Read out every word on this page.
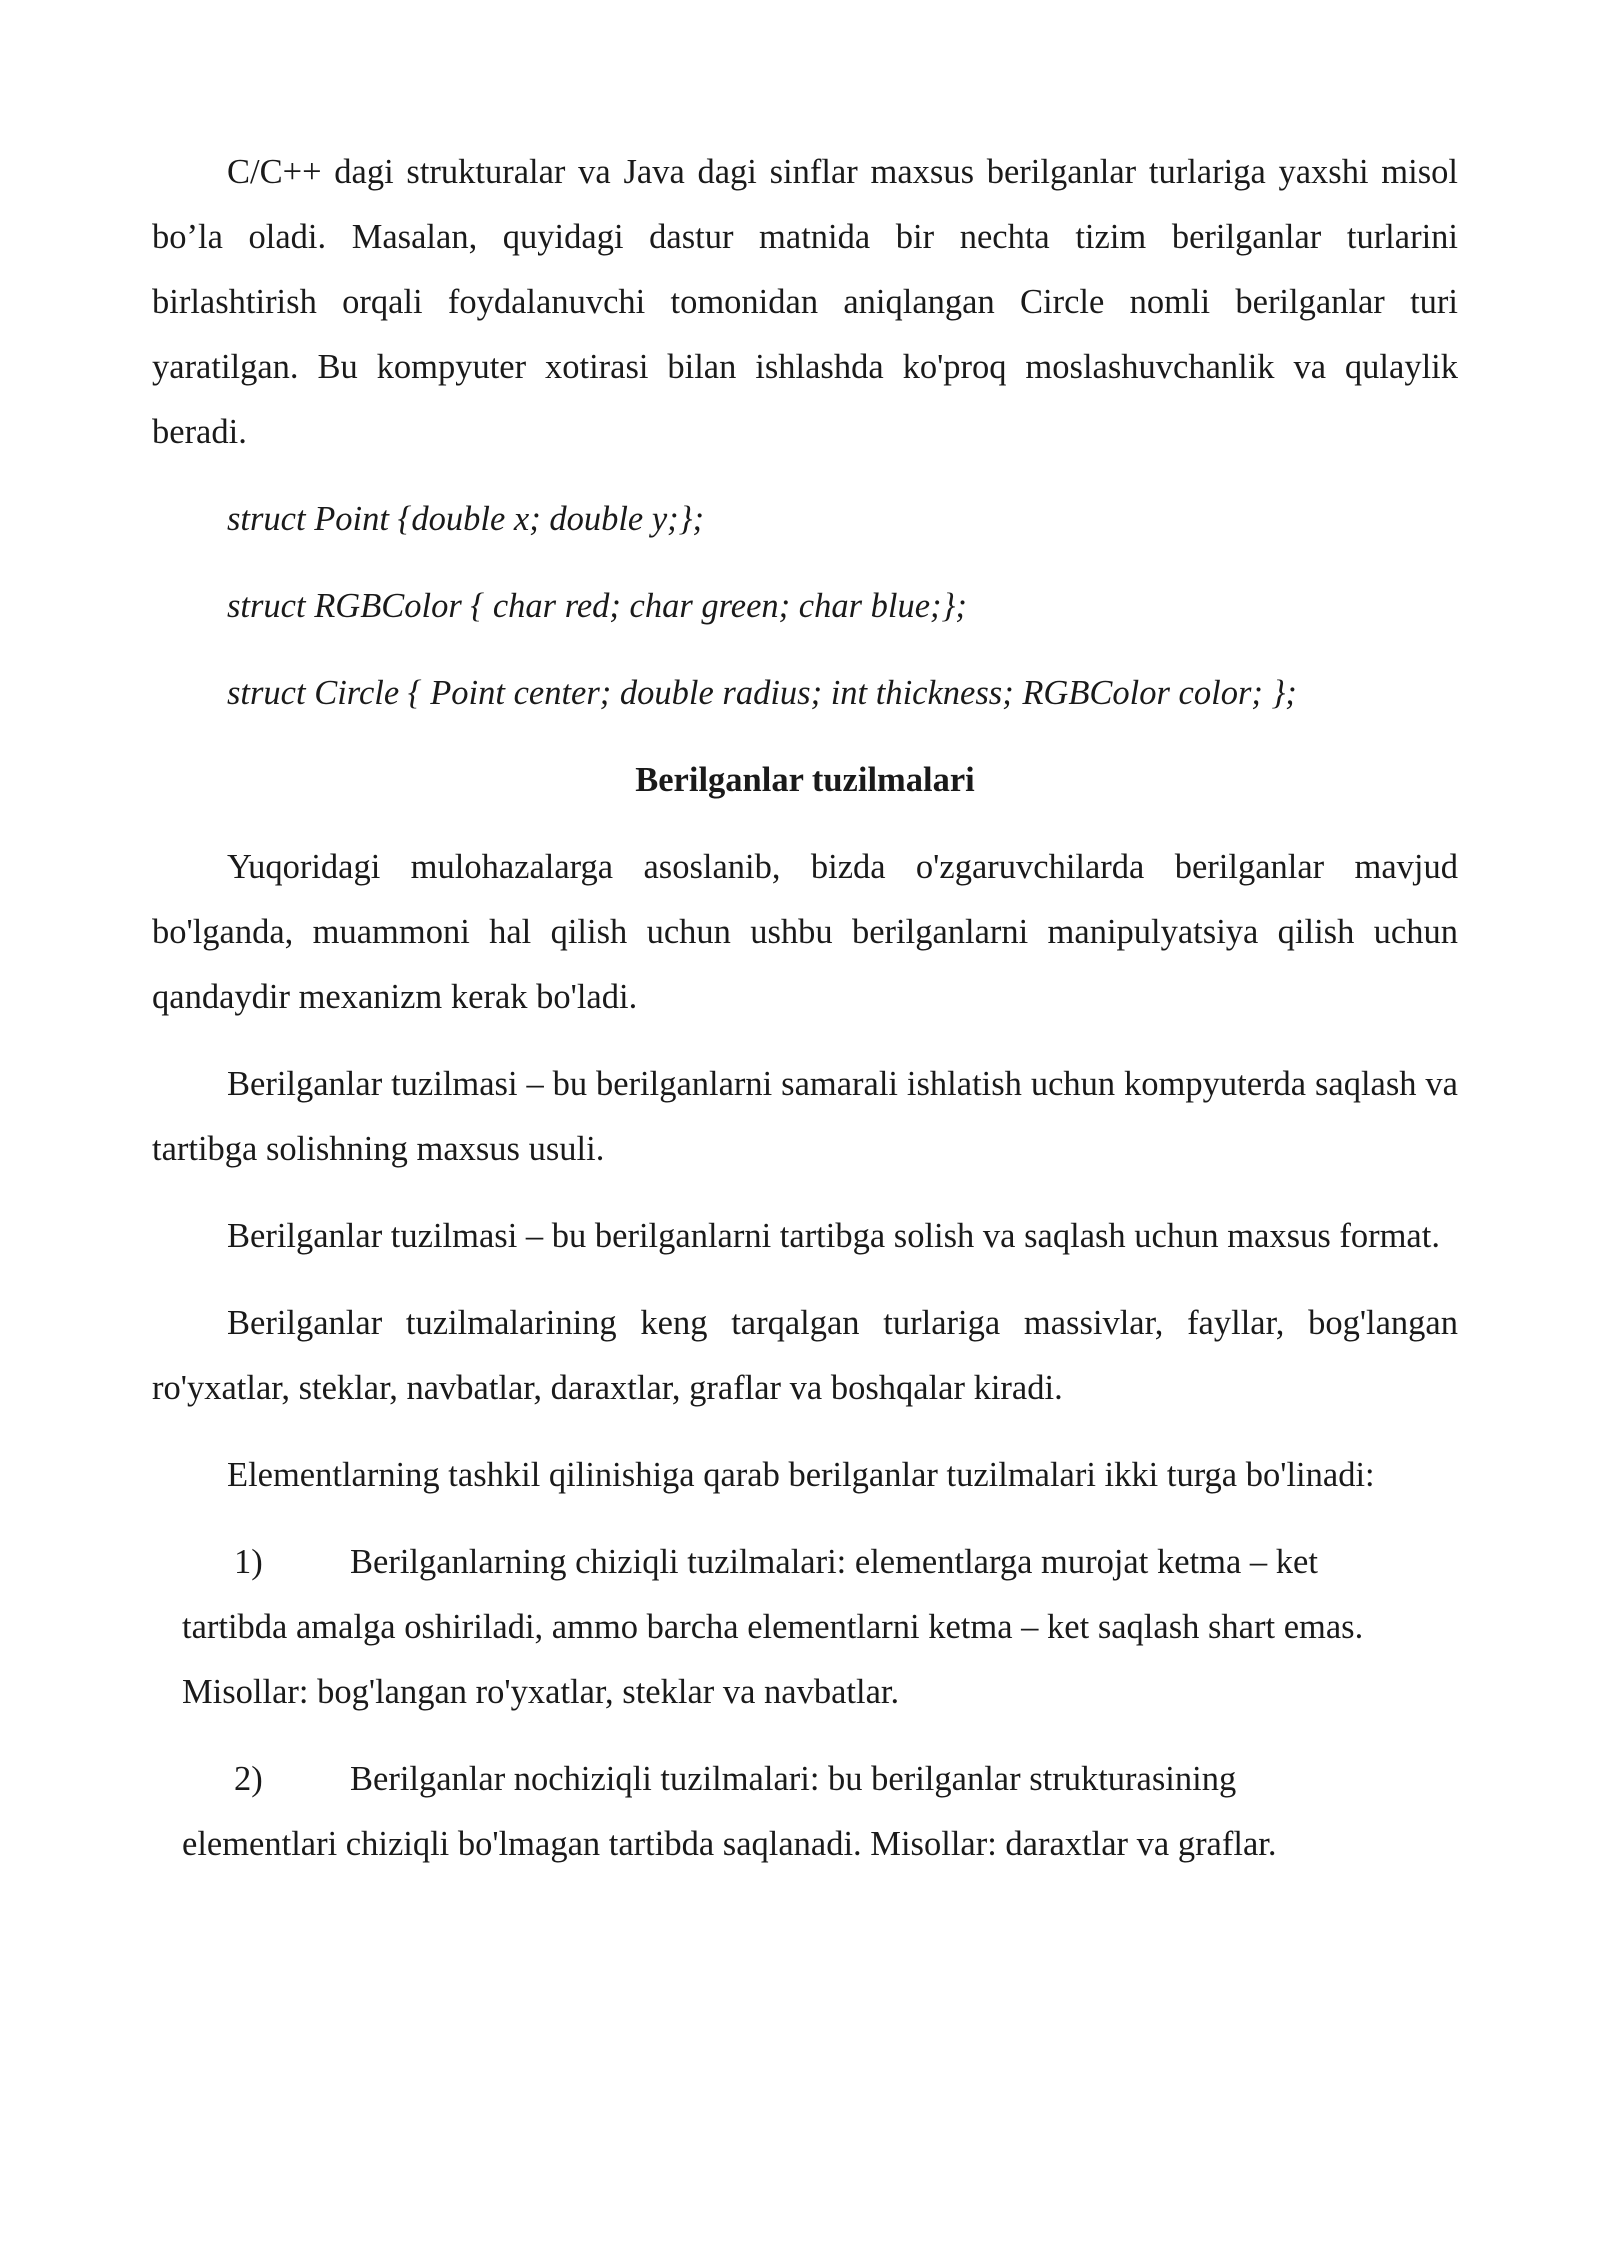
C/C++ dagi strukturalar va Java dagi sinflar maxsus berilganlar turlariga yaxshi misol bo’la oladi. Masalan, quyidagi dastur matnida bir nechta tizim berilganlar turlarini birlashtirish orqali foydalanuvchi tomonidan aniqlangan Circle nomli berilganlar turi yaratilgan. Bu kompyuter xotirasi bilan ishlashda ko'proq moslashuvchanlik va qulaylik beradi.

struct Point {double x; double y;};

struct RGBColor { char red; char green; char blue;};

struct Circle { Point center; double radius; int thickness; RGBColor color; };

Berilganlar tuzilmalari

Yuqoridagi mulohazalarga asoslanib, bizda o'zgaruvchilarda berilganlar mavjud bo'lganda, muammoni hal qilish uchun ushbu berilganlarni manipulyatsiya qilish uchun qandaydir mexanizm kerak bo'ladi.

Berilganlar tuzilmasi – bu berilganlarni samarali ishlatish uchun kompyuterda saqlash va tartibga solishning maxsus usuli.

Berilganlar tuzilmasi – bu berilganlarni tartibga solish va saqlash uchun maxsus format.

Berilganlar tuzilmalarining keng tarqalgan turlariga massivlar, fayllar, bog'langan ro'yxatlar, steklar, navbatlar, daraxtlar, graflar va boshqalar kiradi.

Elementlarning tashkil qilinishiga qarab berilganlar tuzilmalari ikki turga bo'linadi:

1)	Berilganlarning chiziqli tuzilmalari: elementlarga murojat ketma – ket
tartibda amalga oshiriladi, ammo barcha elementlarni ketma – ket saqlash shart emas. Misollar: bog'langan ro'yxatlar, steklar va navbatlar.
2)	Berilganlar nochiziqli tuzilmalari: bu berilganlar strukturasining
elementlari chiziqli bo'lmagan tartibda saqlanadi. Misollar: daraxtlar va graflar.
